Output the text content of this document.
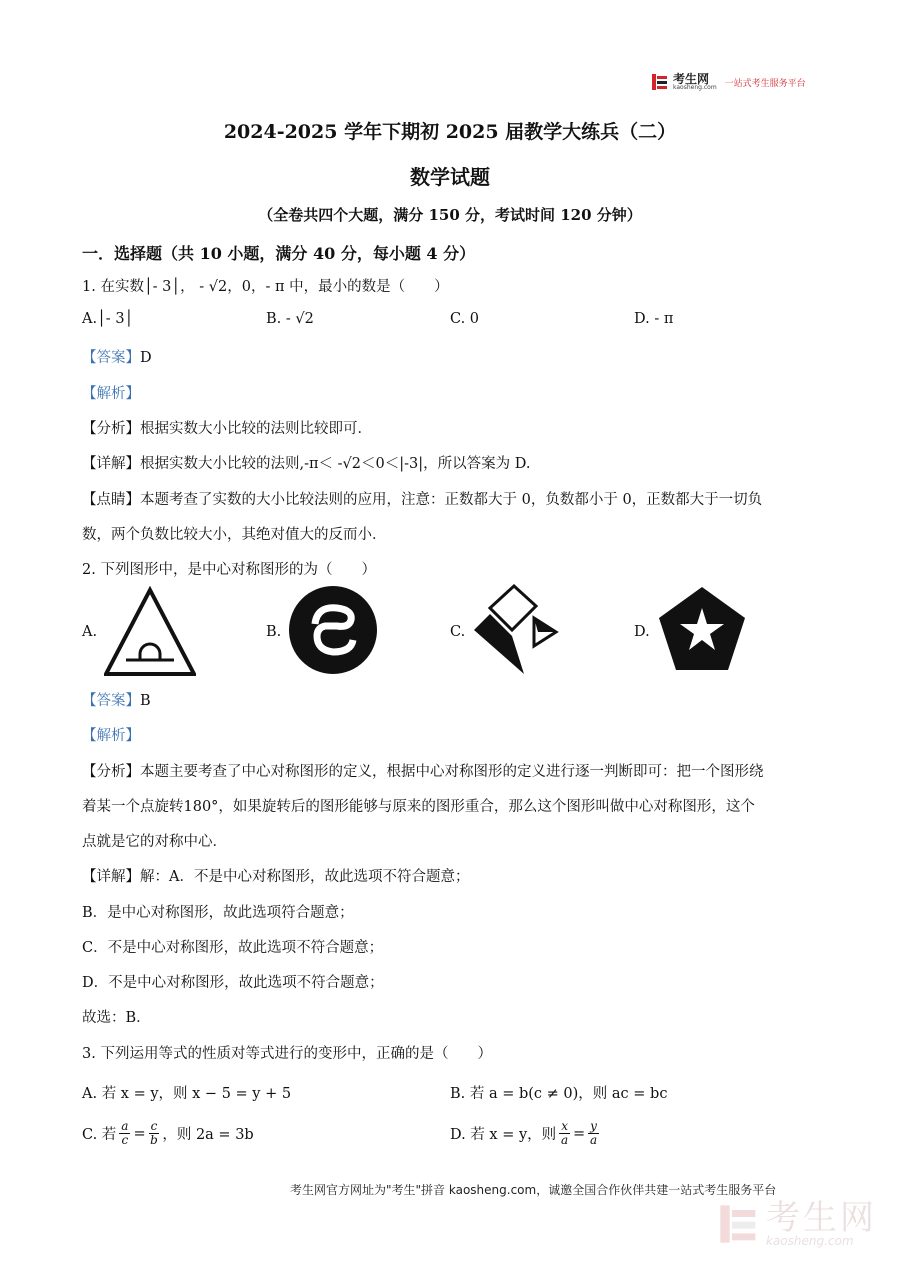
考生网
kaosheng.com 一站式考生服务平台
2024-2025 学年下期初 2025 届教学大练兵（二）
数学试题
（全卷共四个大题，满分 150 分，考试时间 120 分钟）
一．选择题（共 10 小题，满分 40 分，每小题 4 分）
1. 在实数│- 3│， - √2，0，- π 中，最小的数是（　　）
A.│- 3│	B. - √2	C. 0	D. - π
【答案】D
【解析】
【分析】根据实数大小比较的法则比较即可．
【详解】根据实数大小比较的法则,-π＜ -√2＜0＜|-3|，所以答案为 D.
【点睛】本题考查了实数的大小比较法则的应用，注意：正数都大于 0，负数都小于 0，正数都大于一切负
数，两个负数比较大小，其绝对值大的反而小．
2. 下列图形中，是中心对称图形的为（　　）
A.	B.	C.	D.
【答案】B
【解析】
【分析】本题主要考查了中心对称图形的定义，根据中心对称图形的定义进行逐一判断即可：把一个图形绕
着某一个点旋转180°，如果旋转后的图形能够与原来的图形重合，那么这个图形叫做中心对称图形，这个
点就是它的对称中心．
【详解】解：A．不是中心对称图形，故此选项不符合题意；
B．是中心对称图形，故此选项符合题意；
C．不是中心对称图形，故此选项不符合题意；
D．不是中心对称图形，故此选项不符合题意；
故选：B．
3. 下列运用等式的性质对等式进行的变形中，正确的是（　　）
A. 若 x = y，则 x − 5 = y + 5	B. 若 a = b(c ≠ 0)，则 ac = bc
C. 若 $\frac{a}{c} = \frac{c}{b}$ ，则 2a = 3b	D. 若 x = y，则 $\frac{x}{a} = \frac{y}{a}$
考生网官方网址为"考生"拼音 kaosheng.com，诚邀全国合作伙伴共建一站式考生服务平台
考生网
kaosheng.com
